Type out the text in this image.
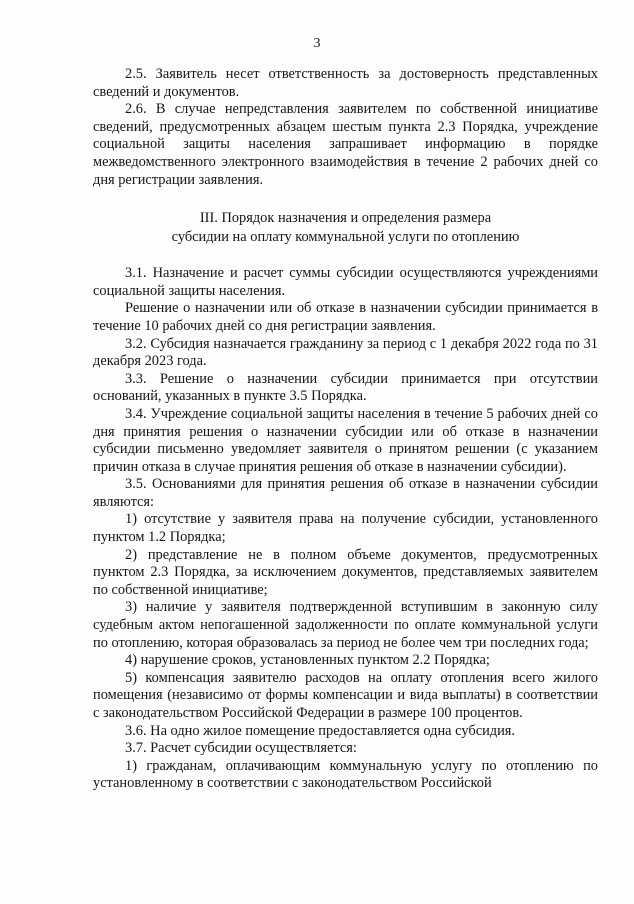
3

2.5. Заявитель несет ответственность за достоверность представленных сведений и документов.

2.6. В случае непредставления заявителем по собственной инициативе сведений, предусмотренных абзацем шестым пункта 2.3 Порядка, учреждение социальной защиты населения запрашивает информацию в порядке межведомственного электронного взаимодействия в течение 2 рабочих дней со дня регистрации заявления.

III. Порядок назначения и определения размера
субсидии на оплату коммунальной услуги по отоплению

3.1. Назначение и расчет суммы субсидии осуществляются учреждениями социальной защиты населения.

Решение о назначении или об отказе в назначении субсидии принимается в течение 10 рабочих дней со дня регистрации заявления.

3.2. Субсидия назначается гражданину за период с 1 декабря 2022 года по 31 декабря 2023 года.

3.3. Решение о назначении субсидии принимается при отсутствии оснований, указанных в пункте 3.5 Порядка.

3.4. Учреждение социальной защиты населения в течение 5 рабочих дней со дня принятия решения о назначении субсидии или об отказе в назначении субсидии письменно уведомляет заявителя о принятом решении (с указанием причин отказа в случае принятия решения об отказе в назначении субсидии).

3.5. Основаниями для принятия решения об отказе в назначении субсидии являются:

1) отсутствие у заявителя права на получение субсидии, установленного пунктом 1.2 Порядка;

2) представление не в полном объеме документов, предусмотренных пунктом 2.3 Порядка, за исключением документов, представляемых заявителем по собственной инициативе;

3) наличие у заявителя подтвержденной вступившим в законную силу судебным актом непогашенной задолженности по оплате коммунальной услуги по отоплению, которая образовалась за период не более чем три последних года;

4) нарушение сроков, установленных пунктом 2.2 Порядка;

5) компенсация заявителю расходов на оплату отопления всего жилого помещения (независимо от формы компенсации и вида выплаты) в соответствии с законодательством Российской Федерации в размере 100 процентов.

3.6. На одно жилое помещение предоставляется одна субсидия.

3.7. Расчет субсидии осуществляется:

1) гражданам, оплачивающим коммунальную услугу по отоплению по установленному в соответствии с законодательством Российской
